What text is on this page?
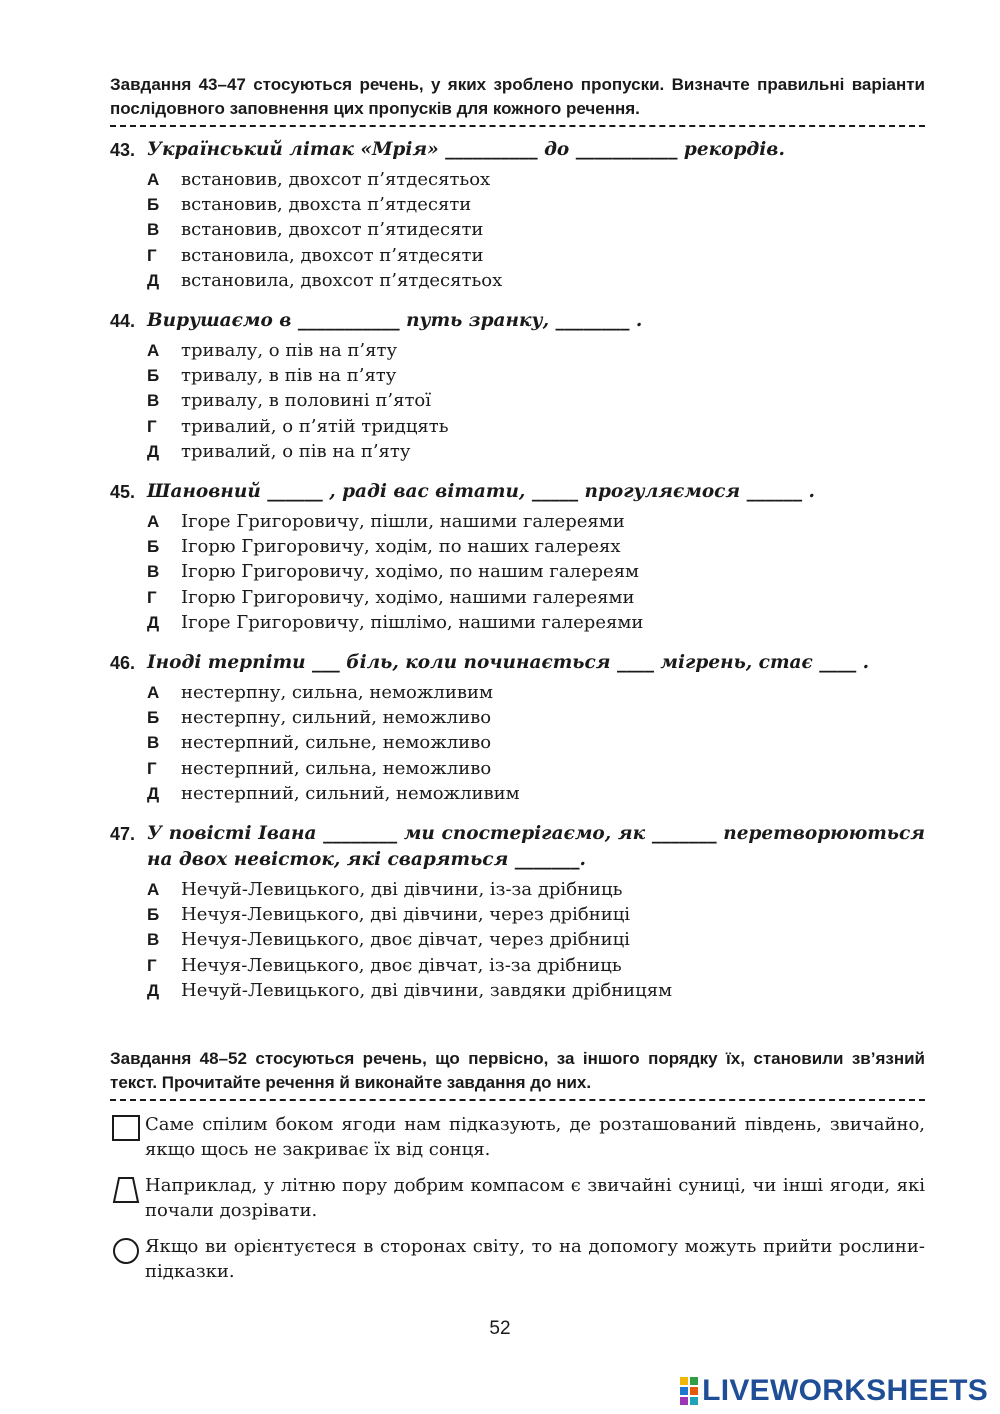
Завдання 43–47 стосуються речень, у яких зроблено пропуски. Визначте правильні варіанти послідовного заповнення цих пропусків для кожного речення.
43. Український літак «Мрія» __________ до ___________ рекордів.
А	встановив, двохсот п’ятдесятьох
Б	встановив, двохста п’ятдесяти
В	встановив, двохсот п’ятидесяти
Г	встановила, двохсот п’ятдесяти
Д	встановила, двохсот п’ятдесятьох
44. Вирушаємо в ___________ путь зранку, ________ .
А	тривалу, о пів на п’яту
Б	тривалу, в пів на п’яту
В	тривалу, в половині п’ятої
Г	тривалий, о п’ятій тридцять
Д	тривалий, о пів на п’яту
45. Шановний ______ , раді вас вітати, _____ прогуляємося ______ .
А	Ігоре Григоровичу, пішли, нашими галереями
Б	Ігорю Григоровичу, ходім, по наших галереях
В	Ігорю Григоровичу, ходімо, по нашим галереям
Г	Ігорю Григоровичу, ходімо, нашими галереями
Д	Ігоре Григоровичу, пішлімо, нашими галереями
46. Іноді терпіти ___ біль, коли починається ____ мігрень, стає ____ .
А	нестерпну, сильна, неможливим
Б	нестерпну, сильний, неможливо
В	нестерпний, сильне, неможливо
Г	нестерпний, сильна, неможливо
Д	нестерпний, сильний, неможливим
47. У повісті Івана ________ ми спостерігаємо, як _______ перетворюються на двох невісток, які сваряться _______.
А	Нечуй-Левицького, дві дівчини, із-за дрібниць
Б	Нечуя-Левицького, дві дівчини, через дрібниці
В	Нечуя-Левицького, двоє дівчат, через дрібниці
Г	Нечуя-Левицького, двоє дівчат, із-за дрібниць
Д	Нечуй-Левицького, дві дівчини, завдяки дрібницям
Завдання 48–52 стосуються речень, що первісно, за іншого порядку їх, становили зв’язний текст. Прочитайте речення й виконайте завдання до них.
Саме спілим боком ягоди нам підказують, де розташований південь, звичайно, якщо щось не закриває їх від сонця.
Наприклад, у літню пору добрим компасом є звичайні суниці, чи інші ягоди, які почали дозрівати.
Якщо ви орієнтуєтеся в сторонах світу, то на допомогу можуть прийти рослини-підказки.
52
LIVEWORKSHEETS
